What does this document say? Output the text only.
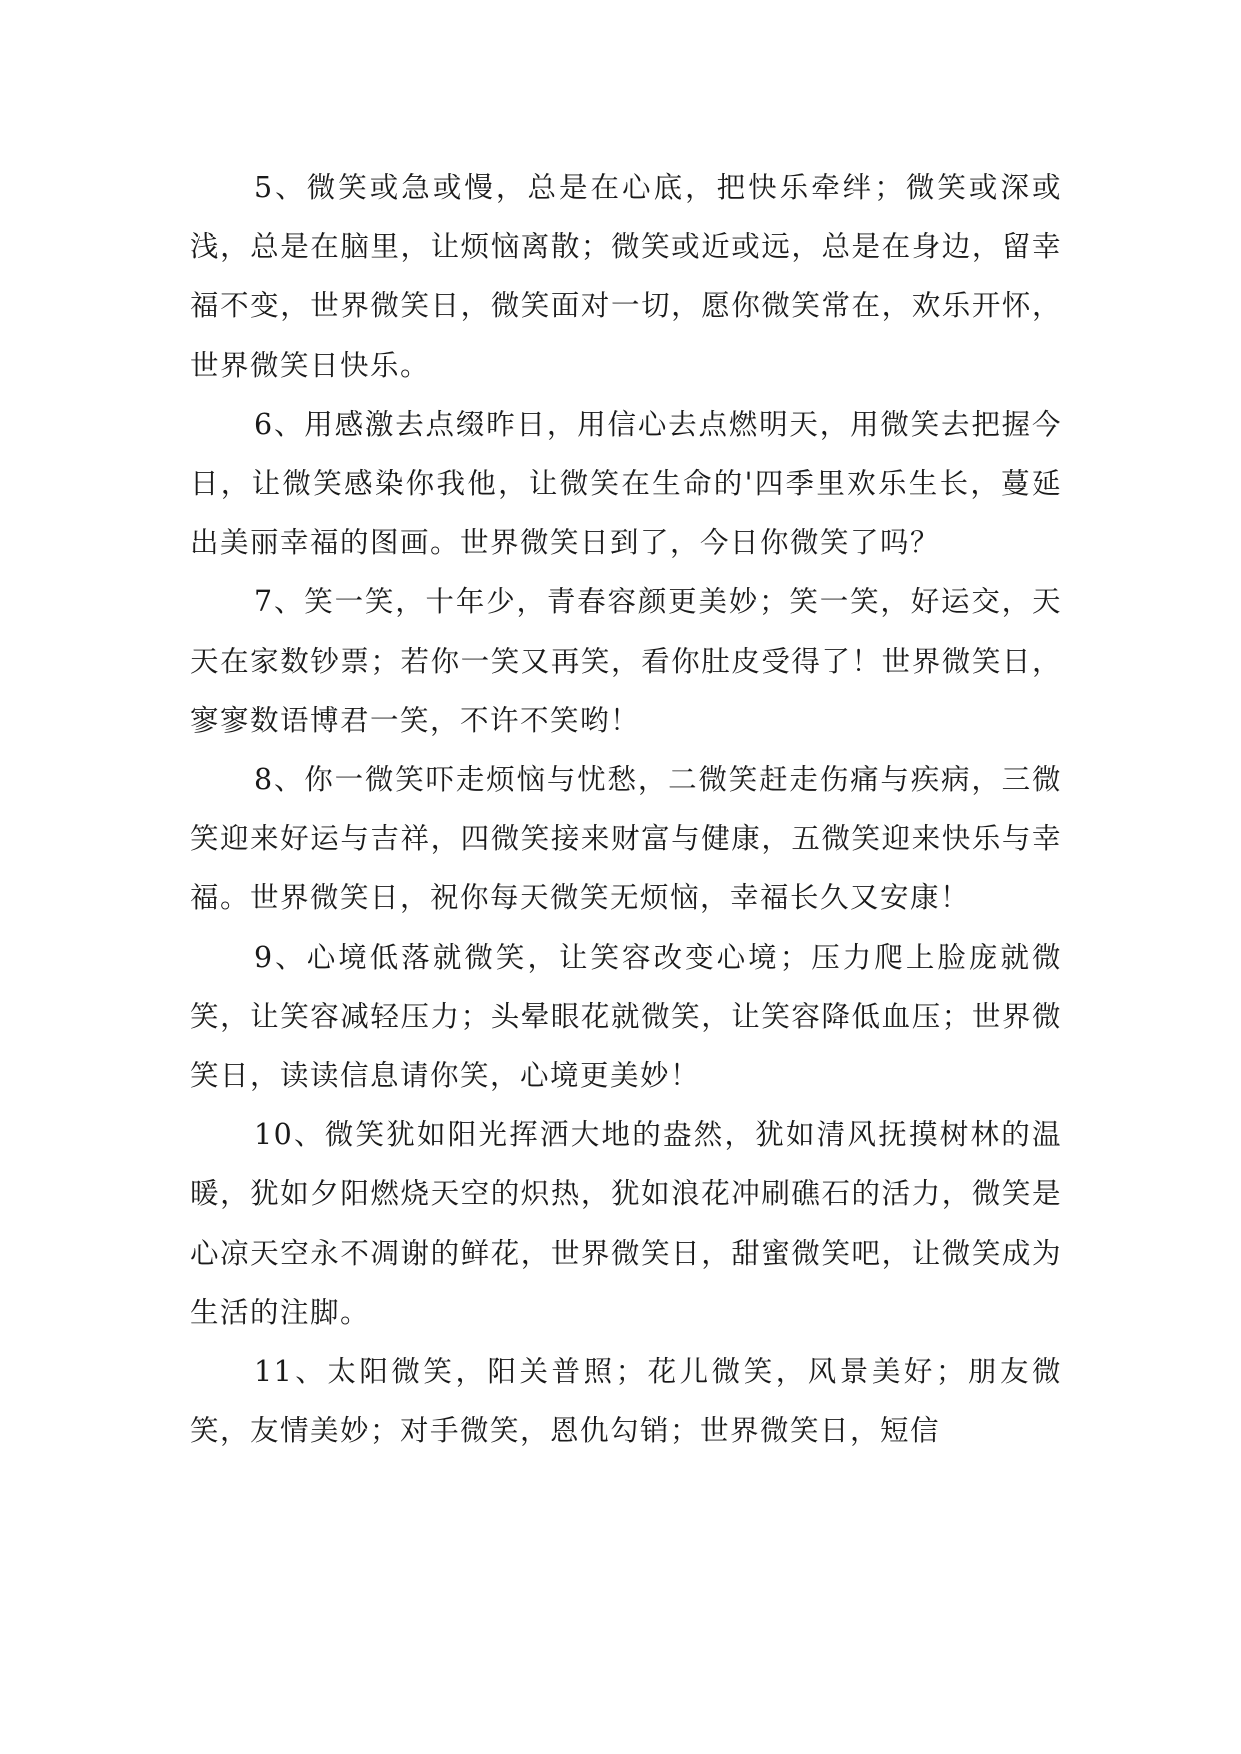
5、微笑或急或慢，总是在心底，把快乐牵绊；微笑或深或浅，总是在脑里，让烦恼离散；微笑或近或远，总是在身边，留幸福不变，世界微笑日，微笑面对一切，愿你微笑常在，欢乐开怀，世界微笑日快乐。

6、用感激去点缀昨日，用信心去点燃明天，用微笑去把握今日，让微笑感染你我他，让微笑在生命的'四季里欢乐生长，蔓延出美丽幸福的图画。世界微笑日到了，今日你微笑了吗？

7、笑一笑，十年少，青春容颜更美妙；笑一笑，好运交，天天在家数钞票；若你一笑又再笑，看你肚皮受得了！世界微笑日，寥寥数语博君一笑，不许不笑哟！

8、你一微笑吓走烦恼与忧愁，二微笑赶走伤痛与疾病，三微笑迎来好运与吉祥，四微笑接来财富与健康，五微笑迎来快乐与幸福。世界微笑日，祝你每天微笑无烦恼，幸福长久又安康！

9、心境低落就微笑，让笑容改变心境；压力爬上脸庞就微笑，让笑容减轻压力；头晕眼花就微笑，让笑容降低血压；世界微笑日，读读信息请你笑，心境更美妙！

10、微笑犹如阳光挥洒大地的盎然，犹如清风抚摸树林的温暖，犹如夕阳燃烧天空的炽热，犹如浪花冲刷礁石的活力，微笑是心凉天空永不凋谢的鲜花，世界微笑日，甜蜜微笑吧，让微笑成为生活的注脚。

11、太阳微笑，阳关普照；花儿微笑，风景美好；朋友微笑，友情美妙；对手微笑，恩仇勾销；世界微笑日，短信
